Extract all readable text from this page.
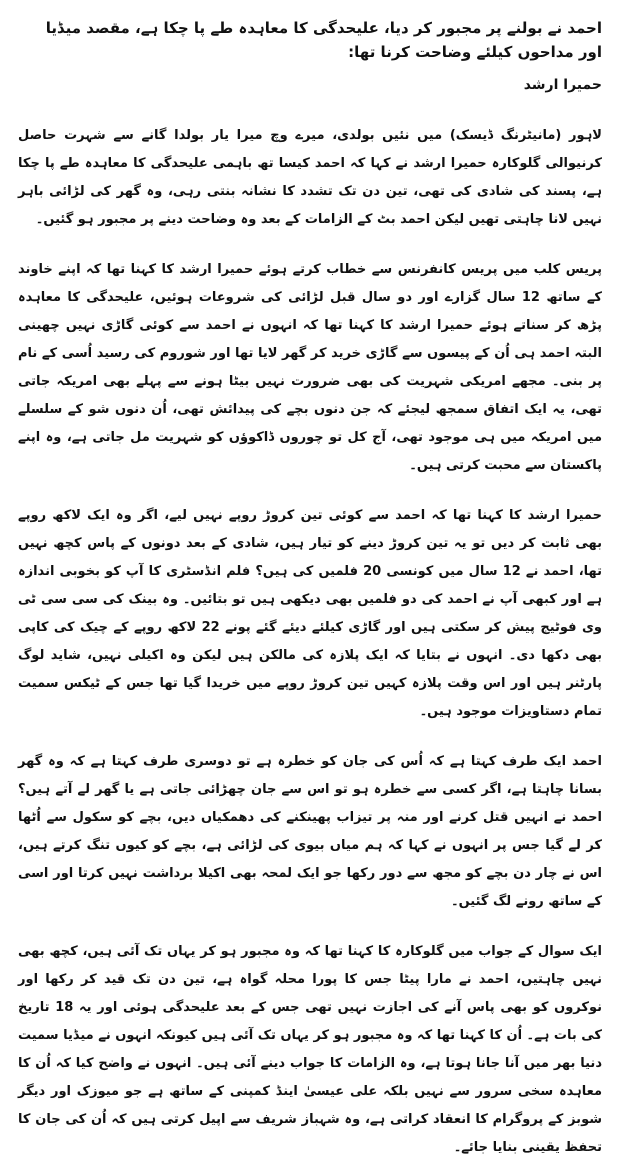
احمد نے بولنے پر مجبور کر دیا، علیحدگی کا معاہدہ طے پا چکا ہے، مقصد میڈیا اور مداحوں کیلئے وضاحت کرنا تھا:

حمیرا ارشد

لاہور (مانیٹرنگ ڈیسک) میں نئیں بولدی، میرے وچ میرا یار بولدا گانے سے شہرت حاصل کرنیوالی گلوکارہ حمیرا ارشد نے کہا کہ احمد کیسا تھ باہمی علیحدگی کا معاہدہ طے پا چکا ہے، پسند کی شادی کی تھی، تین دن تک تشدد کا نشانہ بنتی رہی، وہ گھر کی لڑائی باہر نہیں لانا چاہتی تھیں لیکن احمد بٹ کے الزامات کے بعد وہ وضاحت دینے پر مجبور ہو گئیں۔

پریس کلب میں پریس کانفرنس سے خطاب کرتے ہوئے حمیرا ارشد کا کہنا تھا کہ اپنے خاوند کے ساتھ 12 سال گزارے اور دو سال قبل لڑائی کی شروعات ہوئیں، علیحدگی کا معاہدہ پڑھ کر سناتے ہوئے حمیرا ارشد کا کہنا تھا کہ انہوں نے احمد سے کوئی گاڑی نہیں چھینی البتہ احمد ہی اُن کے پیسوں سے گاڑی خرید کر گھر لایا تھا اور شوروم کی رسید اُسی کے نام پر بنی۔ مجھے امریکی شہریت کی بھی ضرورت نہیں بیٹا ہونے سے پہلے بھی امریکہ جاتی تھی، یہ ایک اتفاق سمجھ لیجئے کہ جن دنوں بچے کی پیدائش تھی، اُن دنوں شو کے سلسلے میں امریکہ میں ہی موجود تھی، آج کل تو چوروں ڈاکوؤں کو شہریت مل جاتی ہے، وہ اپنے پاکستان سے محبت کرتی ہیں۔

حمیرا ارشد کا کہنا تھا کہ احمد سے کوئی تین کروڑ روپے نہیں لیے، اگر وہ ایک لاکھ روپے بھی ثابت کر دیں تو یہ تین کروڑ دینے کو تیار ہیں، شادی کے بعد دونوں کے پاس کچھ نہیں تھا، احمد نے 12 سال میں کونسی 20 فلمیں کی ہیں؟ فلم انڈسٹری کا آپ کو بخوبی اندازہ ہے اور کبھی آپ نے احمد کی دو فلمیں بھی دیکھی ہیں تو بتائیں۔ وہ بینک کی سی سی ٹی وی فوٹیج پیش کر سکتی ہیں اور گاڑی کیلئے دیئے گئے پونے 22 لاکھ روپے کے چیک کی کاپی بھی دکھا دی۔ انہوں نے بتایا کہ ایک پلازہ کی مالکن ہیں لیکن وہ اکیلی نہیں، شاید لوگ پارٹنر ہیں اور اس وقت پلازہ کہیں تین کروڑ روپے میں خریدا گیا تھا جس کے ٹیکس سمیت تمام دستاویزات موجود ہیں۔

احمد ایک طرف کہتا ہے کہ اُس کی جان کو خطرہ ہے تو دوسری طرف کہتا ہے کہ وہ گھر بسانا چاہتا ہے، اگر کسی سے خطرہ ہو تو اس سے جان چھڑائی جاتی ہے یا گھر لے آتے ہیں؟ احمد نے انہیں قتل کرنے اور منہ پر تیزاب پھینکنے کی دھمکیاں دیں، بچے کو سکول سے اُٹھا کر لے گیا جس پر انہوں نے کہا کہ ہم میاں بیوی کی لڑائی ہے، بچے کو کیوں تنگ کرتے ہیں، اس نے چار دن بچے کو مجھ سے دور رکھا جو ایک لمحہ بھی اکیلا برداشت نہیں کرتا اور اسی کے ساتھ رونے لگ گئیں۔

ایک سوال کے جواب میں گلوکارہ کا کہنا تھا کہ وہ مجبور ہو کر یہاں تک آئی ہیں، کچھ بھی نہیں چاہتیں، احمد نے مارا پیٹا جس کا پورا محلہ گواہ ہے، تین دن تک قید کر رکھا اور نوکروں کو بھی پاس آنے کی اجازت نہیں تھی جس کے بعد علیحدگی ہوئی اور یہ 18 تاریخ کی بات ہے۔ اُن کا کہنا تھا کہ وہ مجبور ہو کر یہاں تک آئی ہیں کیونکہ انہوں نے میڈیا سمیت دنیا بھر میں آنا جانا ہوتا ہے، وہ الزامات کا جواب دینے آئی ہیں۔ انہوں نے واضح کیا کہ اُن کا معاہدہ سخی سرور سے نہیں بلکہ علی عیسیٰ اینڈ کمپنی کے ساتھ ہے جو میوزک اور دیگر شوبز کے پروگرام کا انعقاد کراتی ہے، وہ شہباز شریف سے اپیل کرتی ہیں کہ اُن کی جان کا تحفظ یقینی بنایا جائے۔
